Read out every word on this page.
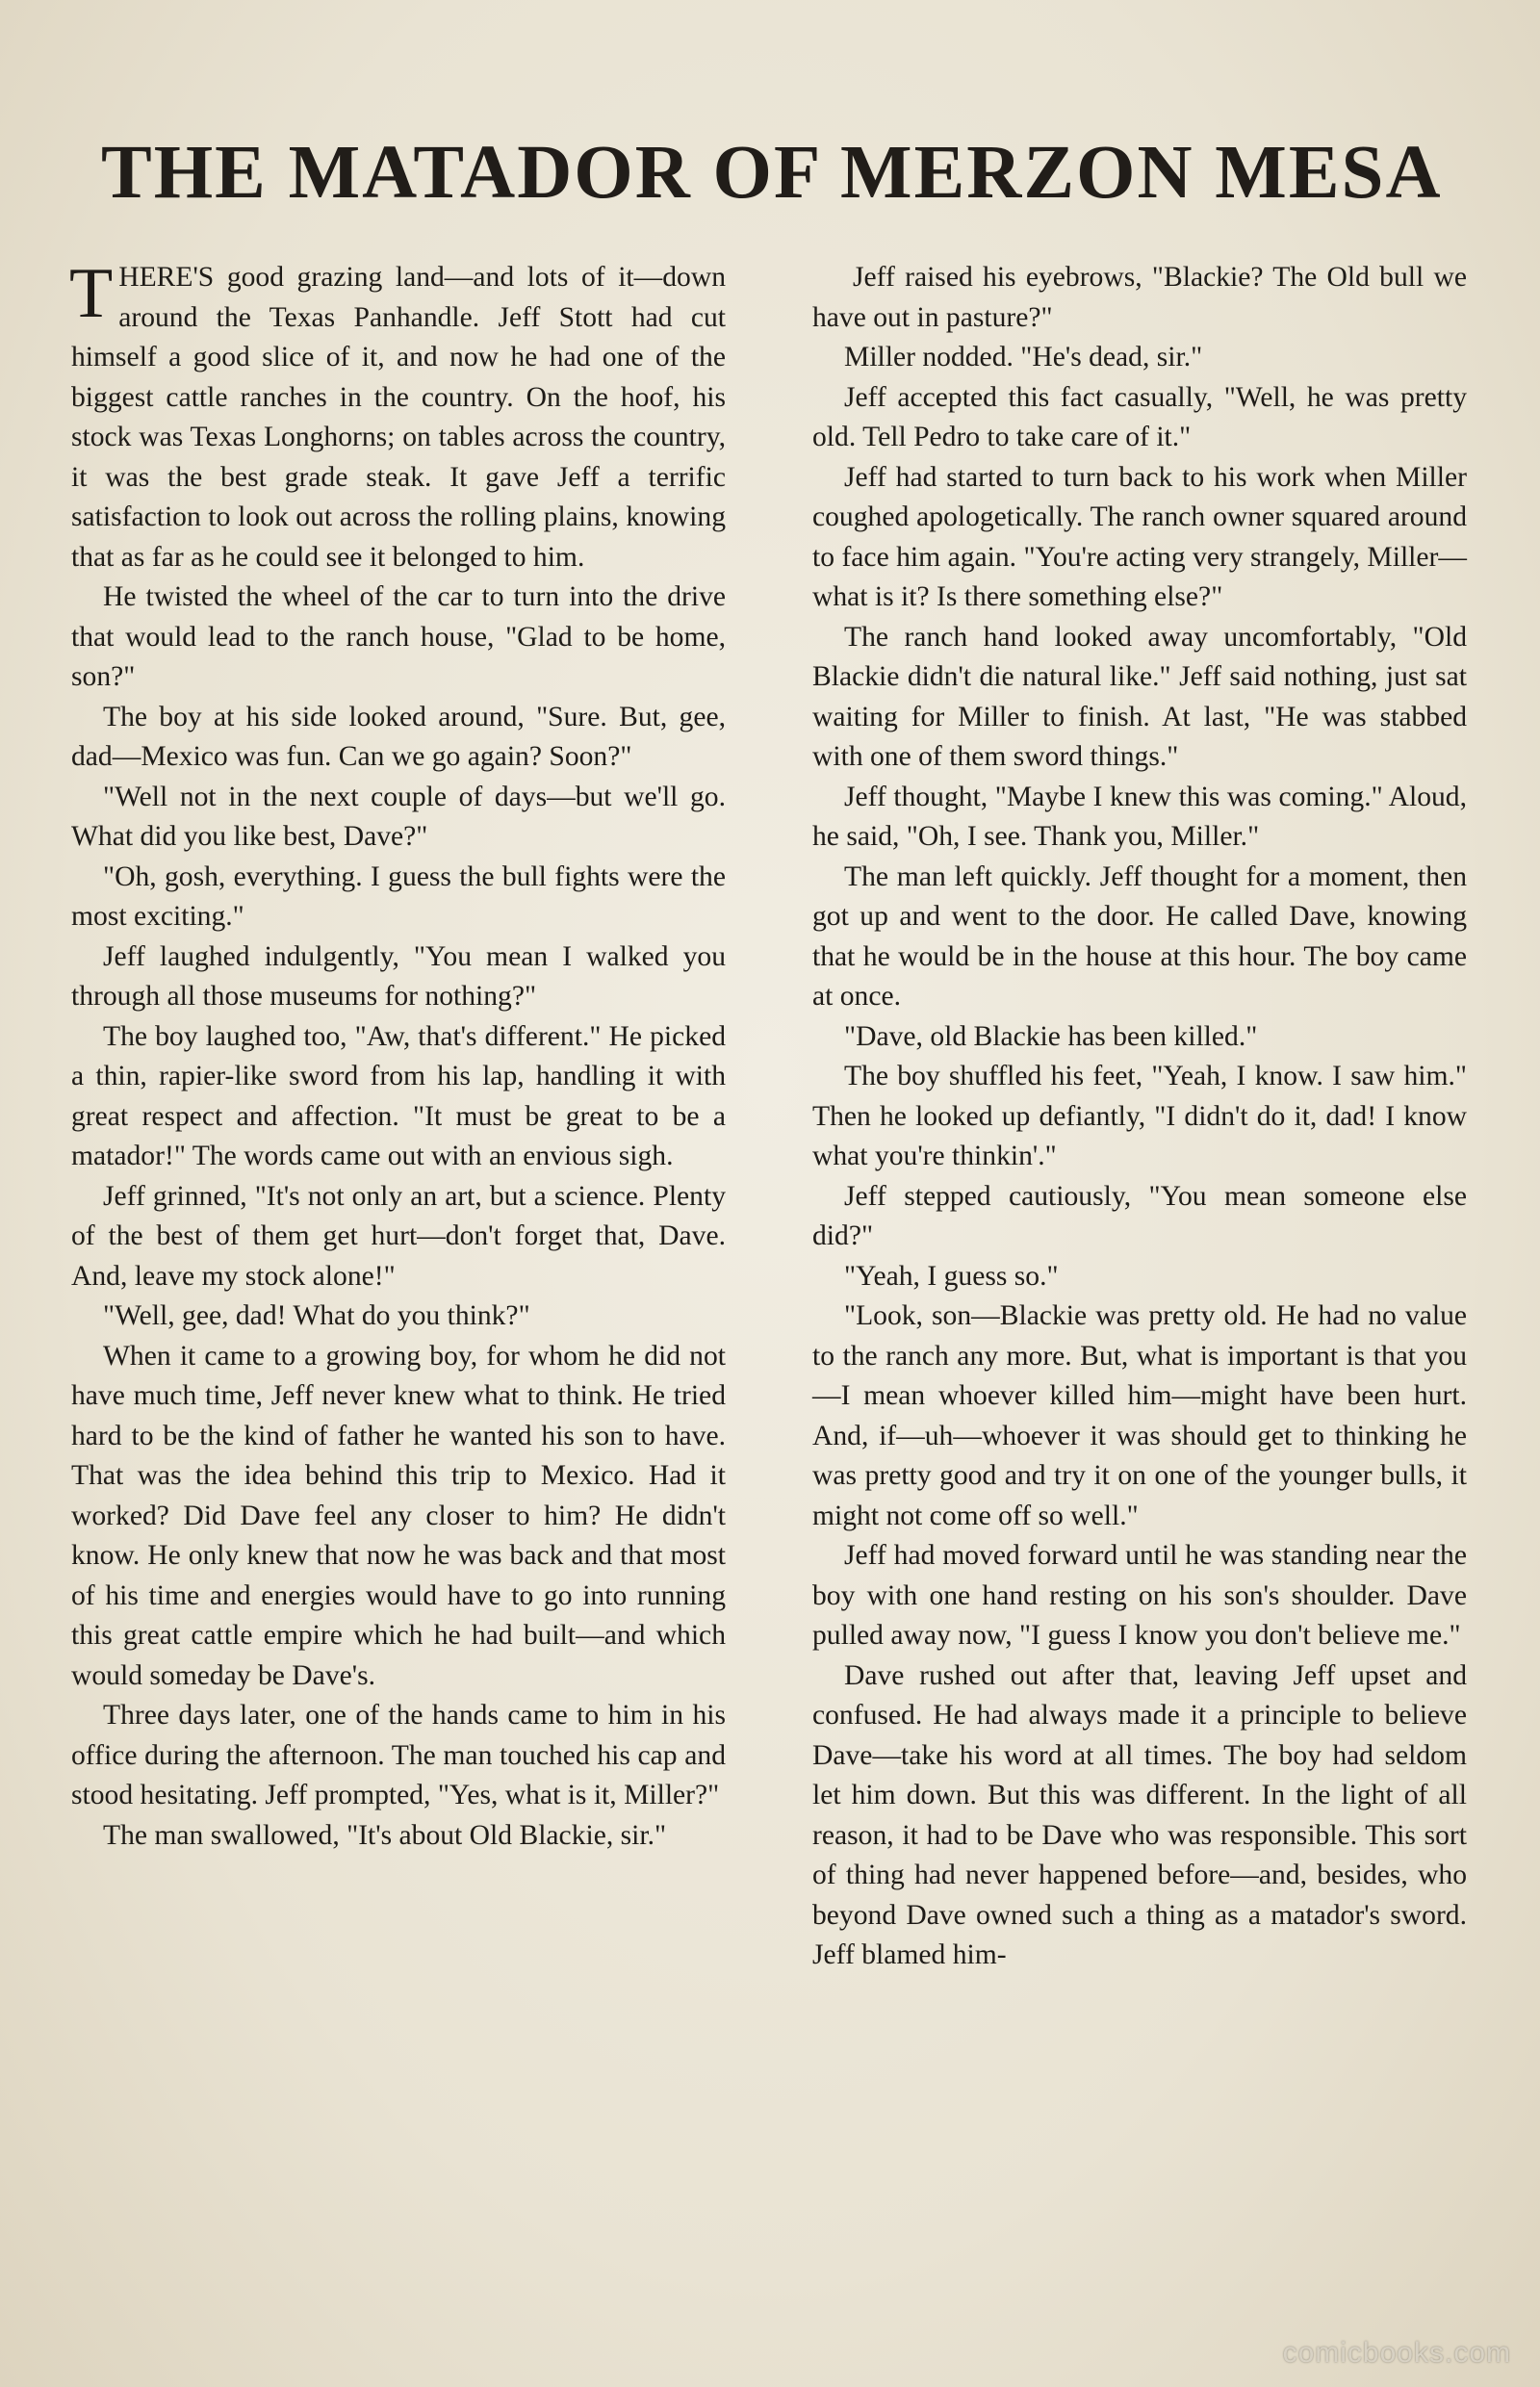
THE MATADOR OF MERZON MESA

THERE'S good grazing land—and lots of it—down around the Texas Panhandle. Jeff Stott had cut himself a good slice of it, and now he had one of the biggest cattle ranches in the country. On the hoof, his stock was Texas Longhorns; on tables across the country, it was the best grade steak. It gave Jeff a terrific satisfaction to look out across the rolling plains, knowing that as far as he could see it belonged to him.

He twisted the wheel of the car to turn into the drive that would lead to the ranch house, "Glad to be home, son?"

The boy at his side looked around, "Sure. But, gee, dad—Mexico was fun. Can we go again? Soon?"

"Well not in the next couple of days—but we'll go. What did you like best, Dave?"

"Oh, gosh, everything. I guess the bull fights were the most exciting."

Jeff laughed indulgently, "You mean I walked you through all those museums for nothing?"

The boy laughed too, "Aw, that's different." He picked a thin, rapier-like sword from his lap, handling it with great respect and affection. "It must be great to be a matador!" The words came out with an envious sigh.

Jeff grinned, "It's not only an art, but a science. Plenty of the best of them get hurt—don't forget that, Dave. And, leave my stock alone!"

"Well, gee, dad! What do you think?"

When it came to a growing boy, for whom he did not have much time, Jeff never knew what to think. He tried hard to be the kind of father he wanted his son to have. That was the idea behind this trip to Mexico. Had it worked? Did Dave feel any closer to him? He didn't know. He only knew that now he was back and that most of his time and energies would have to go into running this great cattle empire which he had built—and which would someday be Dave's.

Three days later, one of the hands came to him in his office during the afternoon. The man touched his cap and stood hesitating. Jeff prompted, "Yes, what is it, Miller?"

The man swallowed, "It's about Old Blackie, sir."

Jeff raised his eyebrows, "Blackie? The Old bull we have out in pasture?"

Miller nodded. "He's dead, sir."

Jeff accepted this fact casually, "Well, he was pretty old. Tell Pedro to take care of it."

Jeff had started to turn back to his work when Miller coughed apologetically. The ranch owner squared around to face him again. "You're acting very strangely, Miller—what is it? Is there something else?"

The ranch hand looked away uncomfortably, "Old Blackie didn't die natural like." Jeff said nothing, just sat waiting for Miller to finish. At last, "He was stabbed with one of them sword things."

Jeff thought, "Maybe I knew this was coming." Aloud, he said, "Oh, I see. Thank you, Miller."

The man left quickly. Jeff thought for a moment, then got up and went to the door. He called Dave, knowing that he would be in the house at this hour. The boy came at once.

"Dave, old Blackie has been killed."

The boy shuffled his feet, "Yeah, I know. I saw him." Then he looked up defiantly, "I didn't do it, dad! I know what you're thinkin'."

Jeff stepped cautiously, "You mean someone else did?"

"Yeah, I guess so."

"Look, son—Blackie was pretty old. He had no value to the ranch any more. But, what is important is that you—I mean whoever killed him—might have been hurt. And, if—uh—whoever it was should get to thinking he was pretty good and try it on one of the younger bulls, it might not come off so well."

Jeff had moved forward until he was standing near the boy with one hand resting on his son's shoulder. Dave pulled away now, "I guess I know you don't believe me."

Dave rushed out after that, leaving Jeff upset and confused. He had always made it a principle to believe Dave—take his word at all times. The boy had seldom let him down. But this was different. In the light of all reason, it had to be Dave who was responsible. This sort of thing had never happened before—and, besides, who beyond Dave owned such a thing as a matador's sword. Jeff blamed him-

comicbooks.com
